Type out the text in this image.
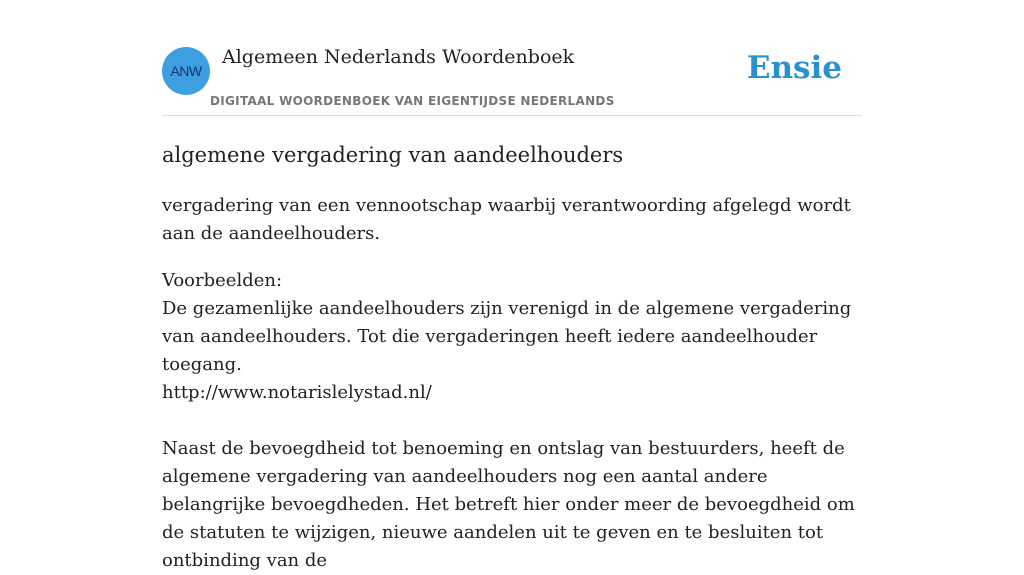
ANW
Algemeen Nederlands Woordenboek
DIGITAAL WOORDENBOEK VAN EIGENTIJDSE NEDERLANDS
Ensie
algemene vergadering van aandeelhouders

vergadering van een vennootschap waarbij verantwoording afgelegd wordt aan de aandeelhouders.

Voorbeelden:

De gezamenlijke aandeelhouders zijn verenigd in de algemene vergadering van aandeelhouders. Tot die vergaderingen heeft iedere aandeelhouder toegang.

http://www.notarislelystad.nl/

Naast de bevoegdheid tot benoeming en ontslag van bestuurders, heeft de algemene vergadering van aandeelhouders nog een aantal andere belangrijke bevoegdheden. Het betreft hier onder meer de bevoegdheid om de statuten te wijzigen, nieuwe aandelen uit te geven en te besluiten tot ontbinding van de
